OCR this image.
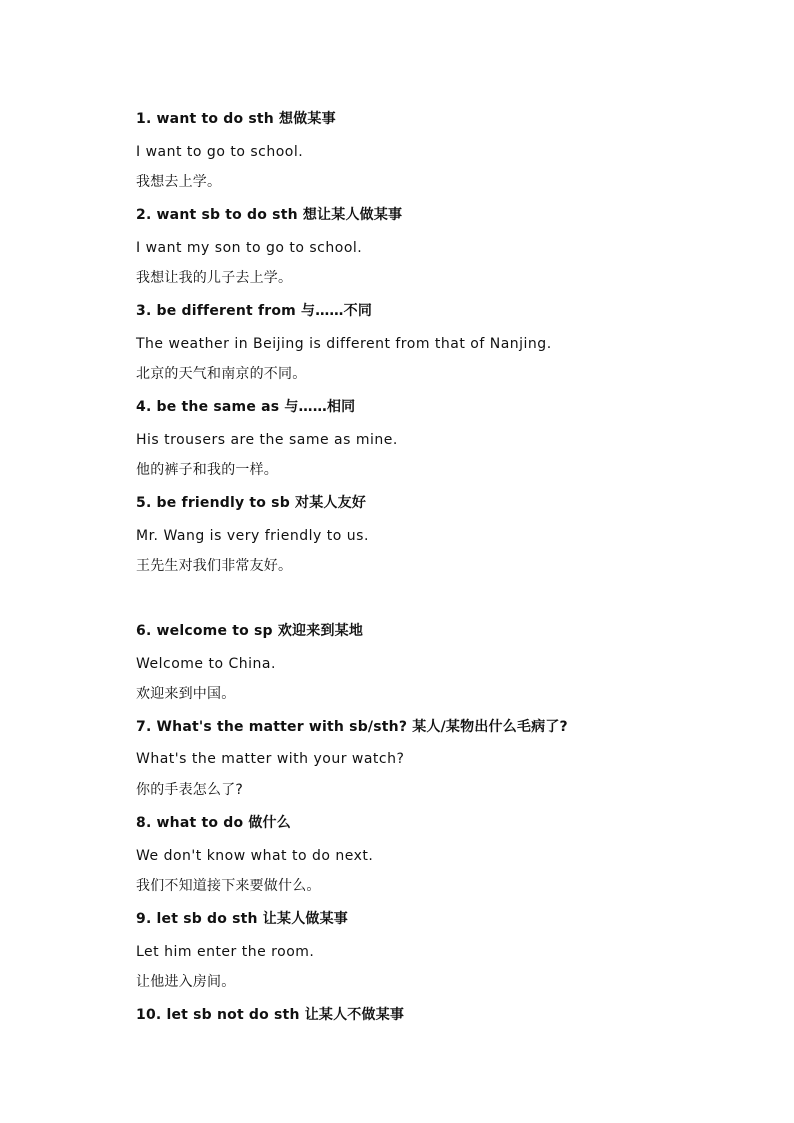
1. want to do sth 想做某事
I want to go to school.
我想去上学。
2. want sb to do sth 想让某人做某事
I want my son to go to school.
我想让我的儿子去上学。
3. be different from 与……不同
The weather in Beijing is different from that of Nanjing.
北京的天气和南京的不同。
4. be the same as 与……相同
His trousers are the same as mine.
他的裤子和我的一样。
5. be friendly to sb 对某人友好
Mr. Wang is very friendly to us.
王先生对我们非常友好。
6. welcome to sp 欢迎来到某地
Welcome to China.
欢迎来到中国。
7. What's the matter with sb/sth? 某人/某物出什么毛病了?
What's the matter with your watch?
你的手表怎么了?
8. what to do 做什么
We don't know what to do next.
我们不知道接下来要做什么。
9. let sb do sth 让某人做某事
Let him enter the room.
让他进入房间。
10. let sb not do sth 让某人不做某事
